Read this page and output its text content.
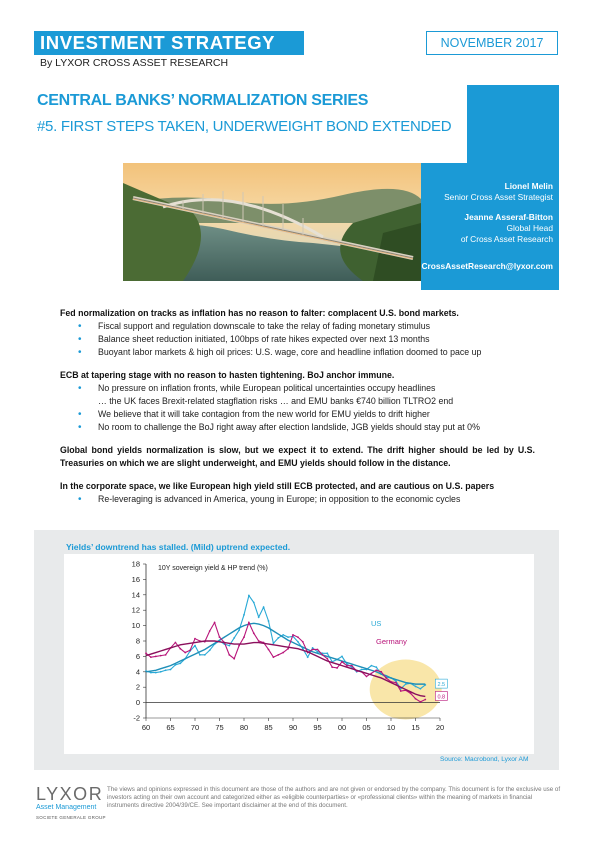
INVESTMENT STRATEGY
By LYXOR CROSS ASSET RESEARCH
NOVEMBER 2017
CENTRAL BANKS’ NORMALIZATION SERIES
#5. FIRST STEPS TAKEN, UNDERWEIGHT BOND EXTENDED
Lionel Melin
Senior Cross Asset Strategist
Jeanne Asseraf-Bitton
Global Head
of Cross Asset Research
CrossAssetResearch@lyxor.com
Fed normalization on tracks as inflation has no reason to falter: complacent U.S. bond markets.
• Fiscal support and regulation downscale to take the relay of fading monetary stimulus
• Balance sheet reduction initiated, 100bps of rate hikes expected over next 13 months
• Buoyant labor markets & high oil prices: U.S. wage, core and headline inflation doomed to pace up
ECB at tapering stage with no reason to hasten tightening. BoJ anchor immune.
• No pressure on inflation fronts, while European political uncertainties occupy headlines
… the UK faces Brexit-related stagflation risks … and EMU banks €740 billion TLTRO2 end
• We believe that it will take contagion from the new world for EMU yields to drift higher
• No room to challenge the BoJ right away after election landslide, JGB yields should stay put at 0%
Global bond yields normalization is slow, but we expect it to extend. The drift higher should be led by U.S. Treasuries on which we are slight underweight, and EMU yields should follow in the distance.
In the corporate space, we like European high yield still ECB protected, and are cautious on U.S. papers
• Re-leveraging is advanced in America, young in Europe; in opposition to the economic cycles
Yields’ downtrend has stalled. (Mild) uptrend expected.
-2
0
2
4
6
8
10
12
14
16
18
60 65 70 75 80 85 90 95 00 05 10 15 20
10Y sovereign yield & HP trend (%)
2.5
0.8
US
Germany
Source: Macrobond, Lyxor AM
LYXOR
Asset Management
SOCIETE GENERALE GROUP
The views and opinions expressed in this document are those of the authors and are not given or endorsed by the company. This document is for the exclusive use of investors acting on their own account and categorized either as «eligible counterparties» or «professional clients» within the meaning of markets in financial instruments directive 2004/39/CE. See important disclaimer at the end of this document.
